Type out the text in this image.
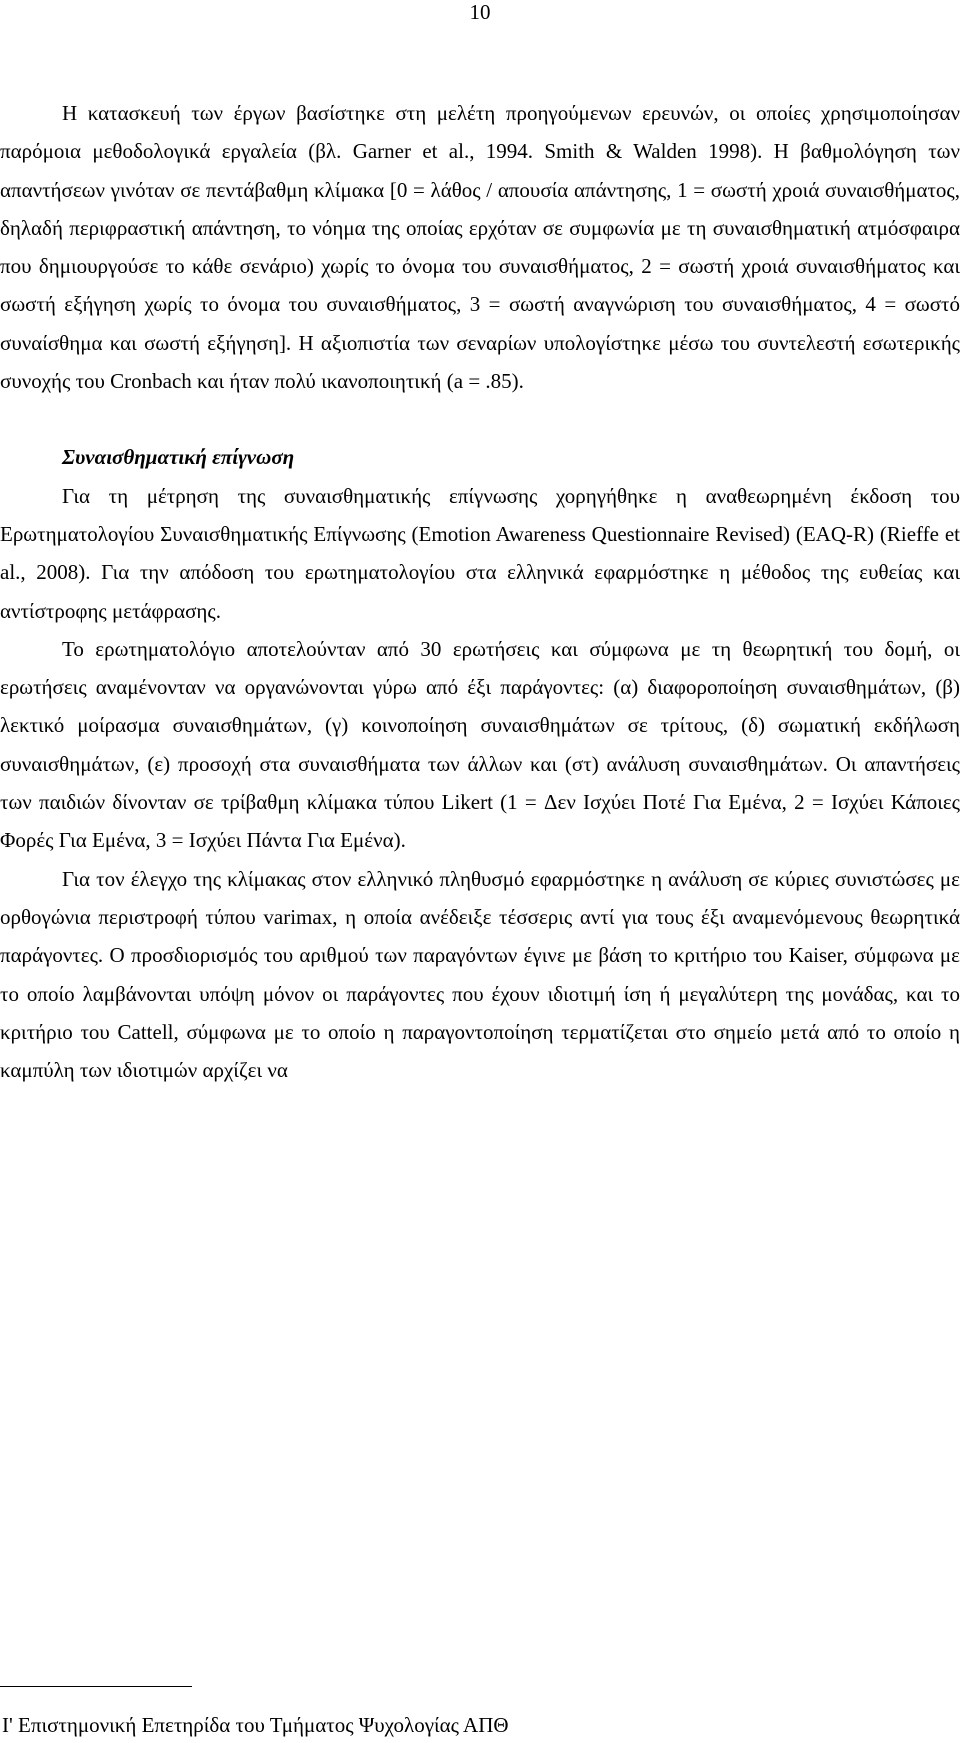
10

Η κατασκευή των έργων βασίστηκε στη μελέτη προηγούμενων ερευνών, οι οποίες χρησιμοποίησαν παρόμοια μεθοδολογικά εργαλεία (βλ. Garner et al., 1994. Smith & Walden 1998). Η βαθμολόγηση των απαντήσεων γινόταν σε πεντάβαθμη κλίμακα [0 = λάθος / απουσία απάντησης, 1 = σωστή χροιά συναισθήματος, δηλαδή περιφραστική απάντηση, το νόημα της οποίας ερχόταν σε συμφωνία με τη συναισθηματική ατμόσφαιρα που δημιουργούσε το κάθε σενάριο) χωρίς το όνομα του συναισθήματος, 2 = σωστή χροιά συναισθήματος και σωστή εξήγηση χωρίς το όνομα του συναισθήματος, 3 = σωστή αναγνώριση του συναισθήματος, 4 = σωστό συναίσθημα και σωστή εξήγηση]. Η αξιοπιστία των σεναρίων υπολογίστηκε μέσω του συντελεστή εσωτερικής συνοχής του Cronbach και ήταν πολύ ικανοποιητική (a = .85).

Συναισθηματική επίγνωση

Για τη μέτρηση της συναισθηματικής επίγνωσης χορηγήθηκε η αναθεωρημένη έκδοση του Ερωτηματολογίου Συναισθηματικής Επίγνωσης (Emotion Awareness Questionnaire Revised) (EAQ-R) (Rieffe et al., 2008). Για την απόδοση του ερωτηματολογίου στα ελληνικά εφαρμόστηκε η μέθοδος της ευθείας και αντίστροφης μετάφρασης.

Το ερωτηματολόγιο αποτελούνταν από 30 ερωτήσεις και σύμφωνα με τη θεωρητική του δομή, οι ερωτήσεις αναμένονταν να οργανώνονται γύρω από έξι παράγοντες: (α) διαφοροποίηση συναισθημάτων, (β) λεκτικό μοίρασμα συναισθημάτων, (γ) κοινοποίηση συναισθημάτων σε τρίτους, (δ) σωματική εκδήλωση συναισθημάτων, (ε) προσοχή στα συναισθήματα των άλλων και (στ) ανάλυση συναισθημάτων. Οι απαντήσεις των παιδιών δίνονταν σε τρίβαθμη κλίμακα τύπου Likert (1 = Δεν Ισχύει Ποτέ Για Εμένα, 2 = Ισχύει Κάποιες Φορές Για Εμένα, 3 = Ισχύει Πάντα Για Εμένα).

Για τον έλεγχο της κλίμακας στον ελληνικό πληθυσμό εφαρμόστηκε η ανάλυση σε κύριες συνιστώσες με ορθογώνια περιστροφή τύπου varimax, η οποία ανέδειξε τέσσερις αντί για τους έξι αναμενόμενους θεωρητικά παράγοντες. Ο προσδιορισμός του αριθμού των παραγόντων έγινε με βάση το κριτήριο του Kaiser, σύμφωνα με το οποίο λαμβάνονται υπόψη μόνον οι παράγοντες που έχουν ιδιοτιμή ίση ή μεγαλύτερη της μονάδας, και το κριτήριο του Cattell, σύμφωνα με το οποίο η παραγοντοποίηση τερματίζεται στο σημείο μετά από το οποίο η καμπύλη των ιδιοτιμών αρχίζει να

Ι' Επιστημονική Επετηρίδα του Τμήματος Ψυχολογίας ΑΠΘ
